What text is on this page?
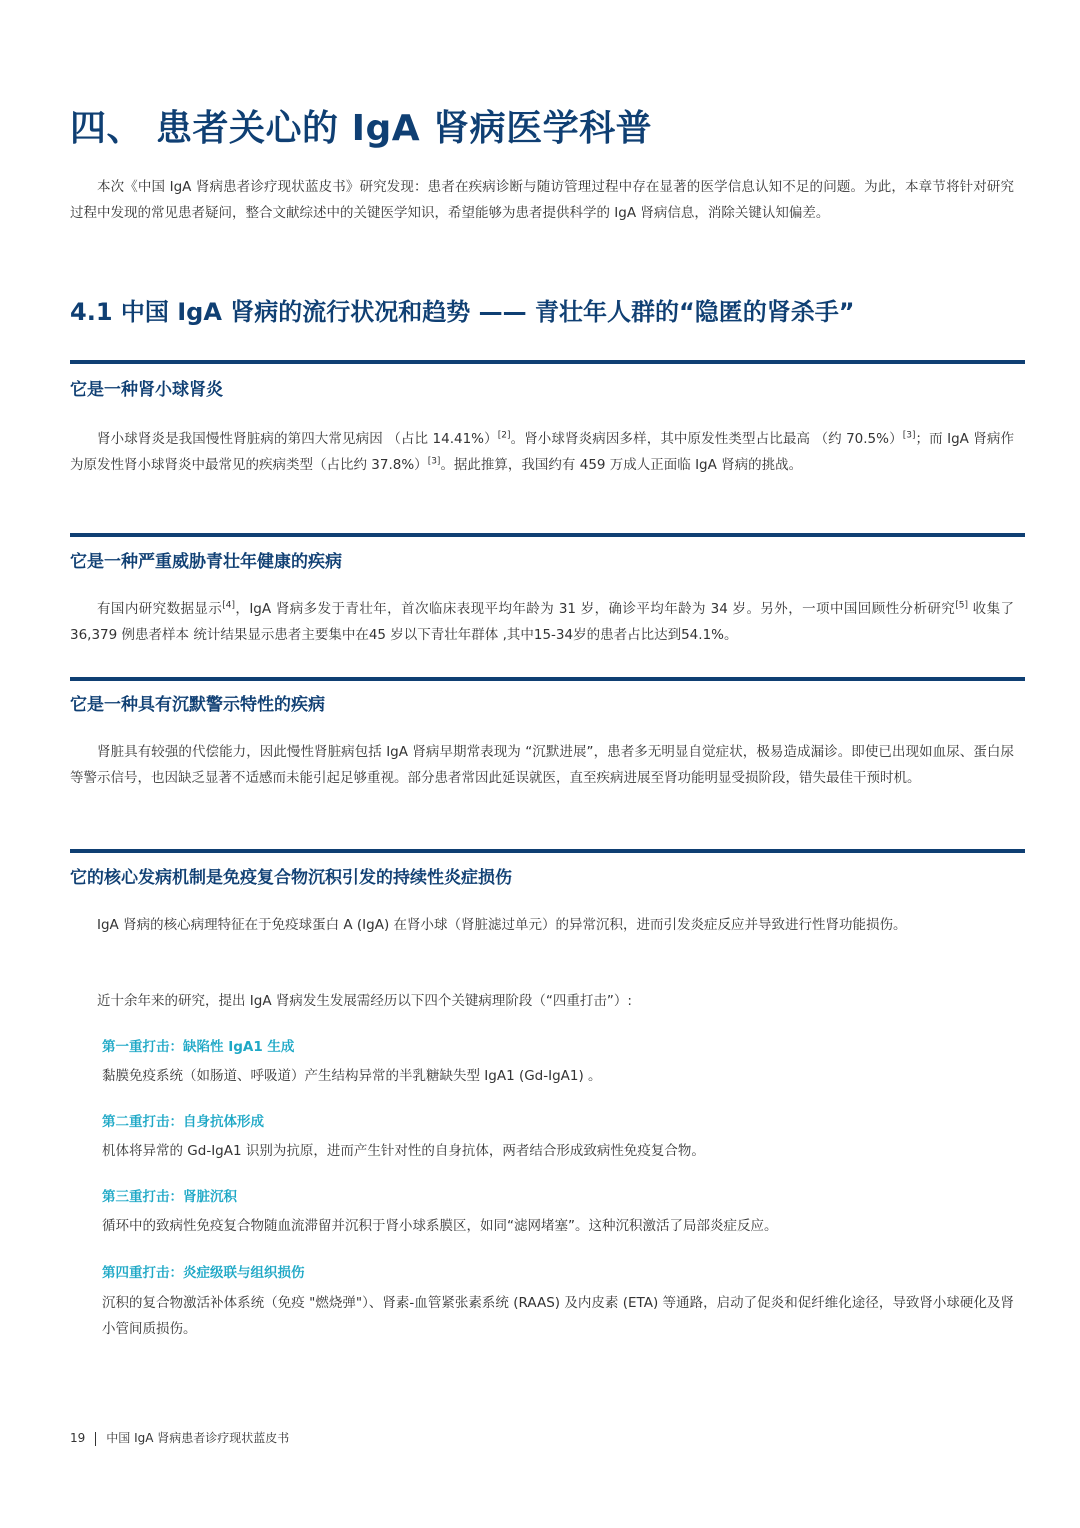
四、 患者关心的 IgA 肾病医学科普

本次《中国 IgA 肾病患者诊疗现状蓝皮书》研究发现：患者在疾病诊断与随访管理过程中存在显著的医学信息认知不足的问题。为此，本章节将针对研究过程中发现的常见患者疑问，整合文献综述中的关键医学知识，希望能够为患者提供科学的 IgA 肾病信息，消除关键认知偏差。

4.1 中国 IgA 肾病的流行状况和趋势 —— 青壮年人群的“隐匿的肾杀手”
它是一种肾小球肾炎

肾小球肾炎是我国慢性肾脏病的第四大常见病因 （占比 14.41%）[2]。肾小球肾炎病因多样，其中原发性类型占比最高 （约 70.5%）[3]；而 IgA 肾病作为原发性肾小球肾炎中最常见的疾病类型（占比约 37.8%）[3]。据此推算，我国约有 459 万成人正面临 IgA 肾病的挑战。

它是一种严重威胁青壮年健康的疾病

有国内研究数据显示[4]，IgA 肾病多发于青壮年，首次临床表现平均年龄为 31 岁，确诊平均年龄为 34 岁。另外，一项中国回顾性分析研究[5] 收集了36,379 例患者样本 统计结果显示患者主要集中在45 岁以下青壮年群体 ,其中15-34岁的患者占比达到54.1%。

它是一种具有沉默警示特性的疾病

肾脏具有较强的代偿能力，因此慢性肾脏病包括 IgA 肾病早期常表现为 “沉默进展”，患者多无明显自觉症状，极易造成漏诊。即使已出现如血尿、蛋白尿等警示信号，也因缺乏显著不适感而未能引起足够重视。部分患者常因此延误就医，直至疾病进展至肾功能明显受损阶段，错失最佳干预时机。

它的核心发病机制是免疫复合物沉积引发的持续性炎症损伤

IgA 肾病的核心病理特征在于免疫球蛋白 A (IgA) 在肾小球（肾脏滤过单元）的异常沉积，进而引发炎症反应并导致进行性肾功能损伤。

近十余年来的研究，提出 IgA 肾病发生发展需经历以下四个关键病理阶段（“四重打击”）:

第一重打击：缺陷性 IgA1 生成

黏膜免疫系统（如肠道、呼吸道）产生结构异常的半乳糖缺失型 IgA1 (Gd-IgA1) 。

第二重打击：自身抗体形成

机体将异常的 Gd-IgA1 识别为抗原，进而产生针对性的自身抗体，两者结合形成致病性免疫复合物。

第三重打击：肾脏沉积

循环中的致病性免疫复合物随血流滞留并沉积于肾小球系膜区，如同“滤网堵塞”。这种沉积激活了局部炎症反应。

第四重打击：炎症级联与组织损伤

沉积的复合物激活补体系统（免疫 "燃烧弹"）、肾素-血管紧张素系统 (RAAS) 及内皮素 (ETA) 等通路，启动了促炎和促纤维化途径，导致肾小球硬化及肾小管间质损伤。

19 中国 IgA 肾病患者诊疗现状蓝皮书
